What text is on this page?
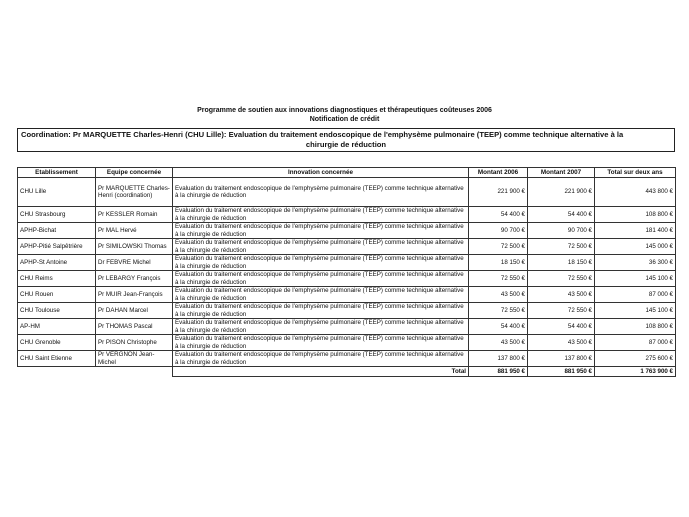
Programme de soutien aux innovations diagnostiques et thérapeutiques coûteuses 2006
Notification de crédit
Coordination: Pr MARQUETTE Charles-Henri (CHU Lille): Evaluation du traitement endoscopique de l'emphysème pulmonaire (TEEP) comme technique alternative à la
chirurgie de réduction
Etablissement	Equipe concernée	Innovation concernée	Montant 2006	Montant 2007	Total sur deux ans
CHU Lille	Pr MARQUETTE Charles-Henri (coordination)	Evaluation du traitement endoscopique de l'emphysème pulmonaire (TEEP) comme technique alternative à la chirurgie de réduction	221 900 €	221 900 €	443 800 €
CHU Strasbourg	Pr KESSLER Romain	Evaluation du traitement endoscopique de l'emphysème pulmonaire (TEEP) comme technique alternative à la chirurgie de réduction	54 400 €	54 400 €	108 800 €
APHP-Bichat	Pr MAL Hervé	Evaluation du traitement endoscopique de l'emphysème pulmonaire (TEEP) comme technique alternative à la chirurgie de réduction	90 700 €	90 700 €	181 400 €
APHP-Pitié Salpêtrière	Pr SIMILOWSKI Thomas	Evaluation du traitement endoscopique de l'emphysème pulmonaire (TEEP) comme technique alternative à la chirurgie de réduction	72 500 €	72 500 €	145 000 €
APHP-St Antoine	Dr FEBVRE Michel	Evaluation du traitement endoscopique de l'emphysème pulmonaire (TEEP) comme technique alternative à la chirurgie de réduction	18 150 €	18 150 €	36 300 €
CHU Reims	Pr LEBARGY François	Evaluation du traitement endoscopique de l'emphysème pulmonaire (TEEP) comme technique alternative à la chirurgie de réduction	72 550 €	72 550 €	145 100 €
CHU Rouen	Pr MUIR Jean-François	Evaluation du traitement endoscopique de l'emphysème pulmonaire (TEEP) comme technique alternative à la chirurgie de réduction	43 500 €	43 500 €	87 000 €
CHU Toulouse	Pr DAHAN Marcel	Evaluation du traitement endoscopique de l'emphysème pulmonaire (TEEP) comme technique alternative à la chirurgie de réduction	72 550 €	72 550 €	145 100 €
AP-HM	Pr THOMAS Pascal	Evaluation du traitement endoscopique de l'emphysème pulmonaire (TEEP) comme technique alternative à la chirurgie de réduction	54 400 €	54 400 €	108 800 €
CHU Grenoble	Pr PISON Christophe	Evaluation du traitement endoscopique de l'emphysème pulmonaire (TEEP) comme technique alternative à la chirurgie de réduction	43 500 €	43 500 €	87 000 €
CHU Saint Etienne	Pr VERGNON Jean-Michel	Evaluation du traitement endoscopique de l'emphysème pulmonaire (TEEP) comme technique alternative à la chirurgie de réduction	137 800 €	137 800 €	275 600 €
		Total	881 950 €	881 950 €	1 763 900 €
